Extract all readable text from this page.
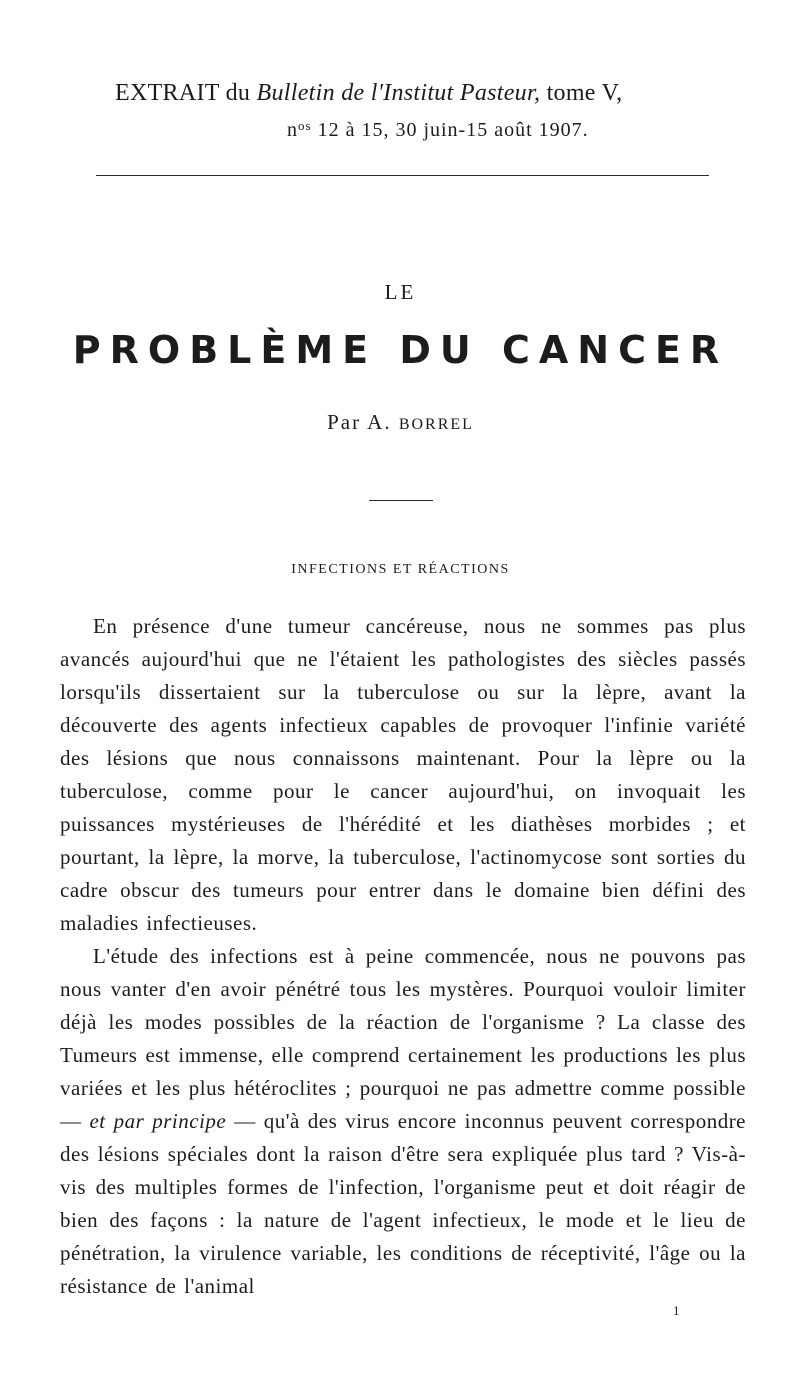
EXTRAIT du Bulletin de l'Institut Pasteur, tome V,
$n^{os}$ 12 à 15, 30 juin-15 août 1907.
LE
PROBLÈME DU CANCER
Par A. BORREL
INFECTIONS ET RÉACTIONS

En présence d'une tumeur cancéreuse, nous ne sommes pas plus avancés aujourd'hui que ne l'étaient les pathologistes des siècles passés lorsqu'ils dissertaient sur la tuberculose ou sur la lèpre, avant la découverte des agents infectieux capables de provoquer l'infinie variété des lésions que nous connaissons maintenant. Pour la lèpre ou la tuberculose, comme pour le cancer aujourd'hui, on invoquait les puissances mystérieuses de l'hérédité et les diathèses morbides ; et pourtant, la lèpre, la morve, la tuberculose, l'actinomycose sont sorties du cadre obscur des tumeurs pour entrer dans le domaine bien défini des maladies infectieuses.

L'étude des infections est à peine commencée, nous ne pouvons pas nous vanter d'en avoir pénétré tous les mystères. Pourquoi vouloir limiter déjà les modes possibles de la réaction de l'organisme ? La classe des Tumeurs est immense, elle comprend certainement les productions les plus variées et les plus hétéroclites ; pourquoi ne pas admettre comme possible — et par principe — qu'à des virus encore inconnus peuvent correspondre des lésions spéciales dont la raison d'être sera expliquée plus tard ? Vis-à-vis des multiples formes de l'infection, l'organisme peut et doit réagir de bien des façons : la nature de l'agent infectieux, le mode et le lieu de pénétration, la virulence variable, les conditions de réceptivité, l'âge ou la résistance de l'animal

1
